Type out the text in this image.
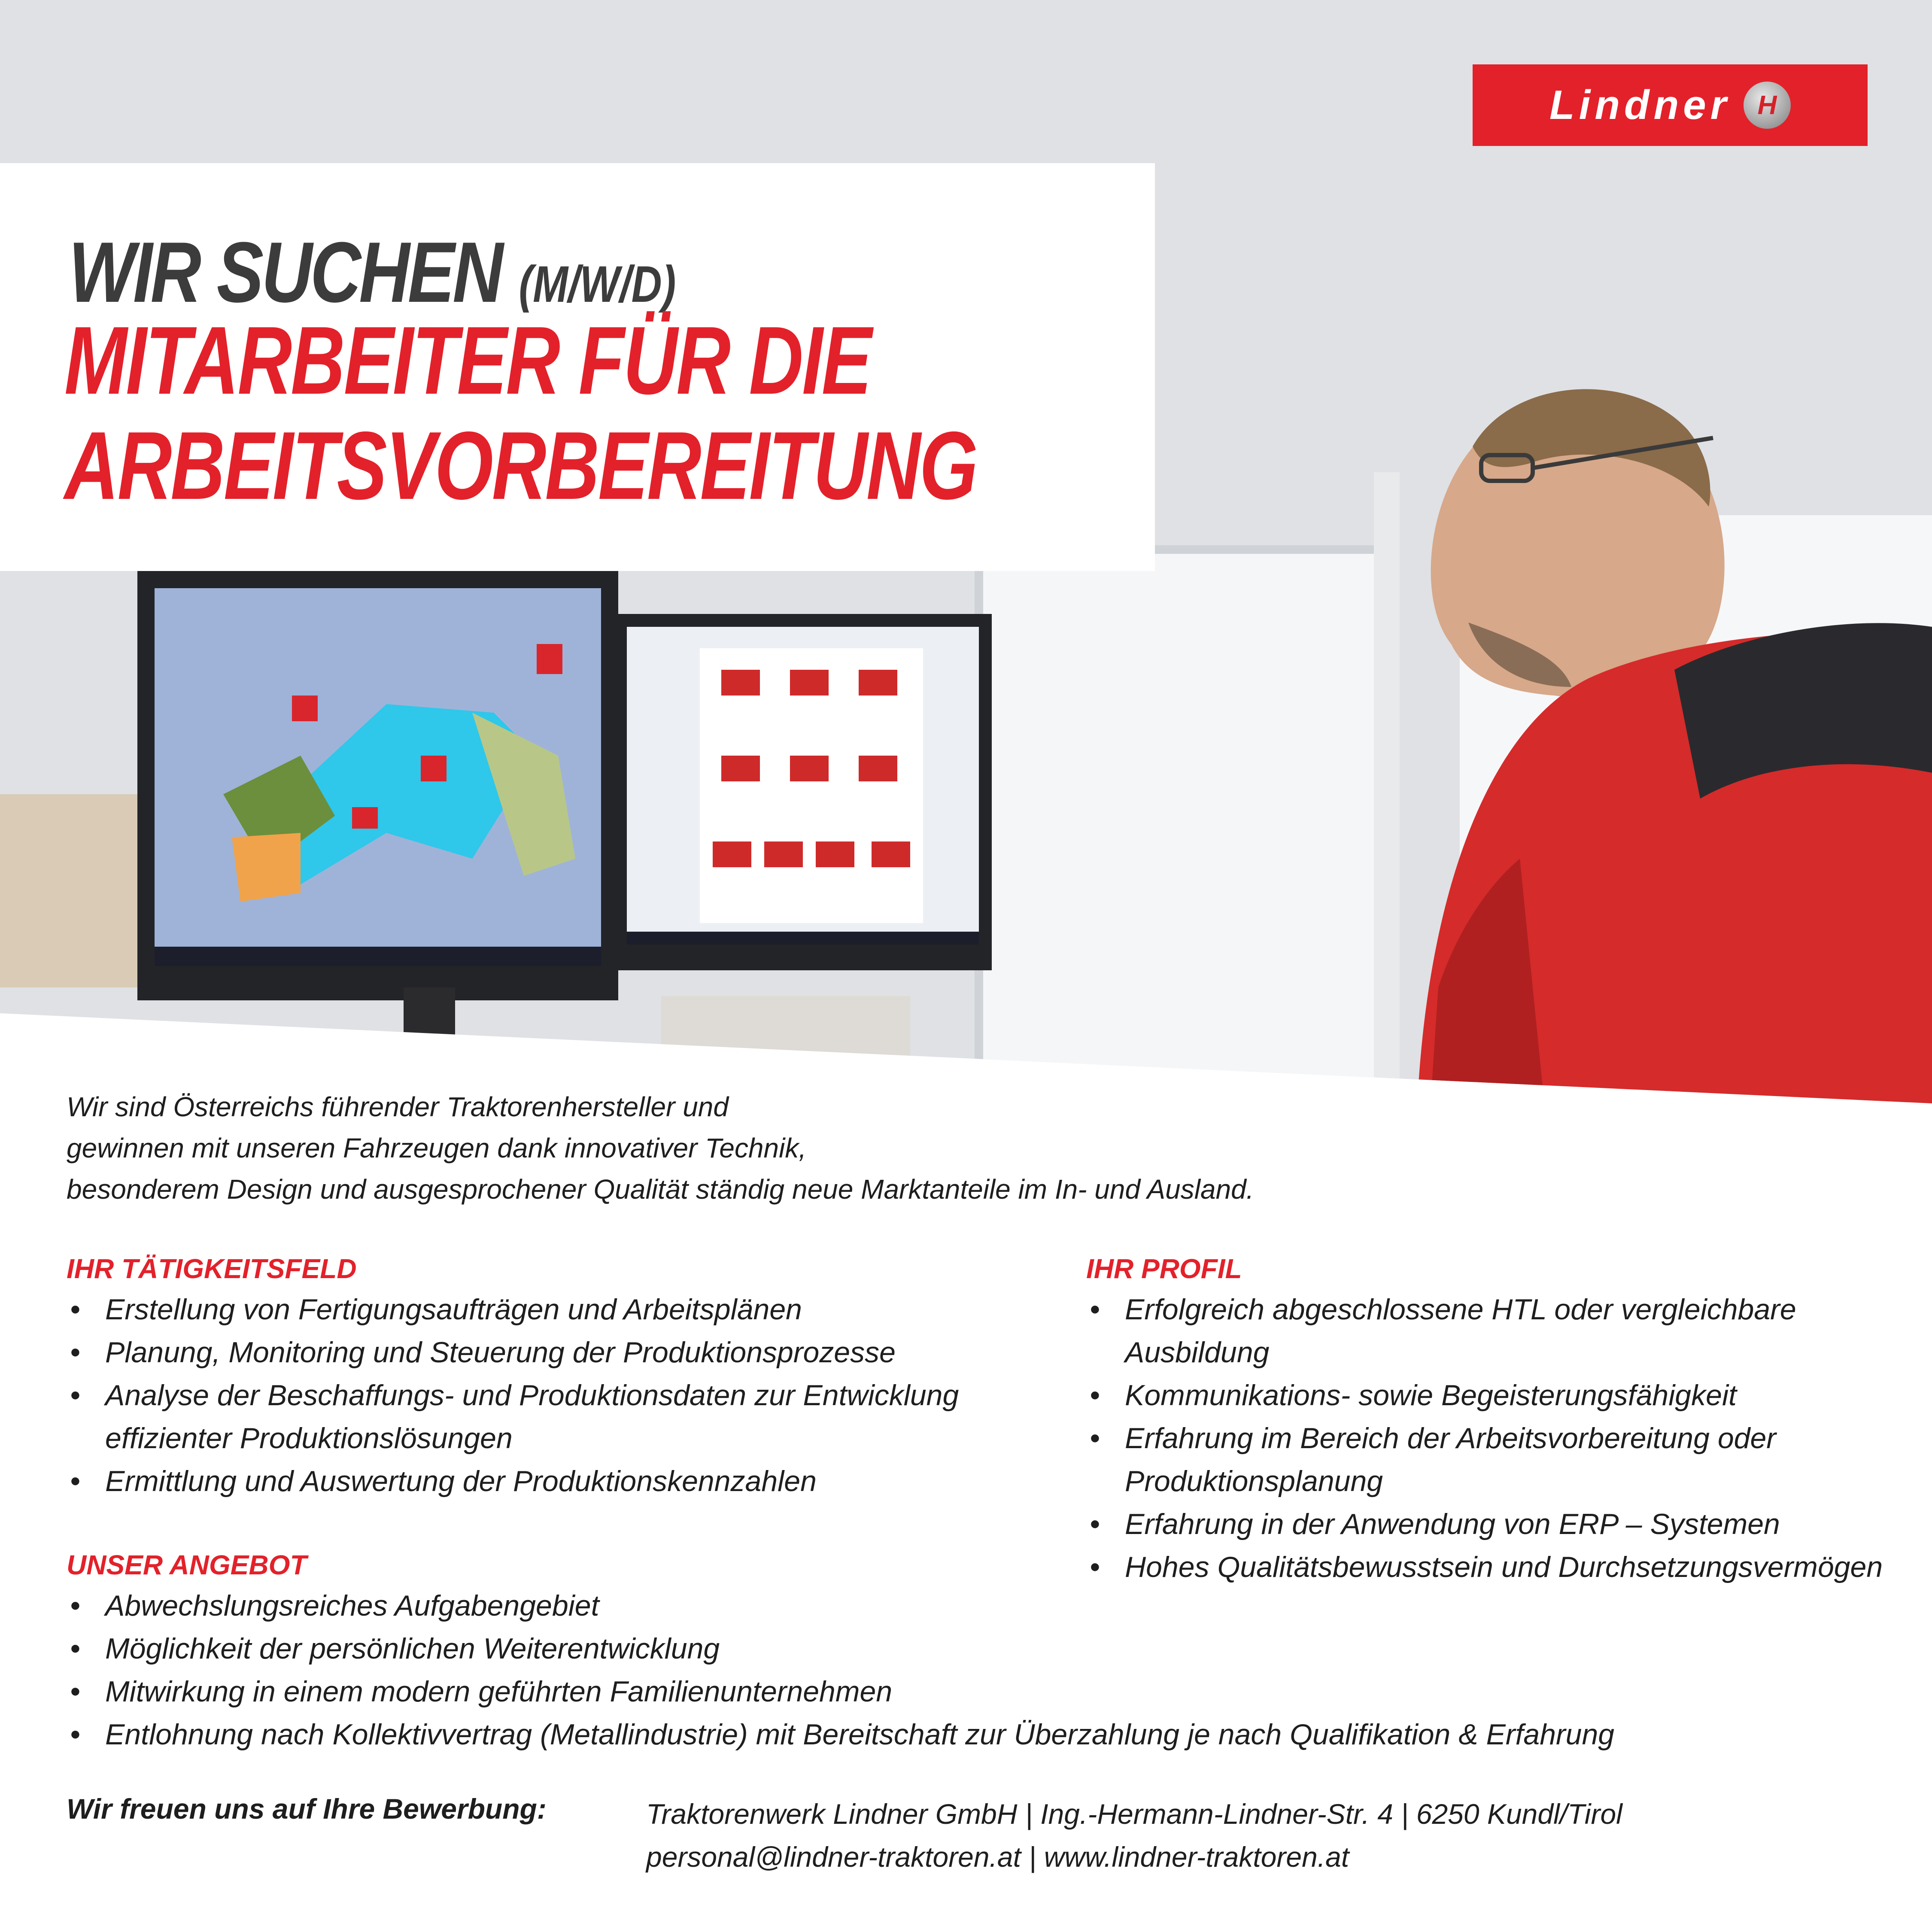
Lindner	H
WIR SUCHEN (M/W/D)
MITARBEITER FÜR DIE
ARBEITSVORBEREITUNG
Wir sind Österreichs führender Traktorenhersteller und
gewinnen mit unseren Fahrzeugen dank innovativer Technik,
besonderem Design und ausgesprochener Qualität ständig neue Marktanteile im In- und Ausland.
IHR TÄTIGKEITSFELD
• Erstellung von Fertigungsaufträgen und Arbeitsplänen
• Planung, Monitoring und Steuerung der Produktionsprozesse
• Analyse der Beschaffungs- und Produktionsdaten zur Entwicklung effizienter Produktionslösungen
• Ermittlung und Auswertung der Produktionskennzahlen
IHR PROFIL
• Erfolgreich abgeschlossene HTL oder vergleichbare Ausbildung
• Kommunikations- sowie Begeisterungsfähigkeit
• Erfahrung im Bereich der Arbeitsvorbereitung oder Produktionsplanung
• Erfahrung in der Anwendung von ERP – Systemen
• Hohes Qualitätsbewusstsein und Durchsetzungsvermögen
UNSER ANGEBOT
• Abwechslungsreiches Aufgabengebiet
• Möglichkeit der persönlichen Weiterentwicklung
• Mitwirkung in einem modern geführten Familienunternehmen
• Entlohnung nach Kollektivvertrag (Metallindustrie) mit Bereitschaft zur Überzahlung je nach Qualifikation & Erfahrung
Wir freuen uns auf Ihre Bewerbung:	Traktorenwerk Lindner GmbH | Ing.-Hermann-Lindner-Str. 4 | 6250 Kundl/Tirol
personal@lindner-traktoren.at | www.lindner-traktoren.at
